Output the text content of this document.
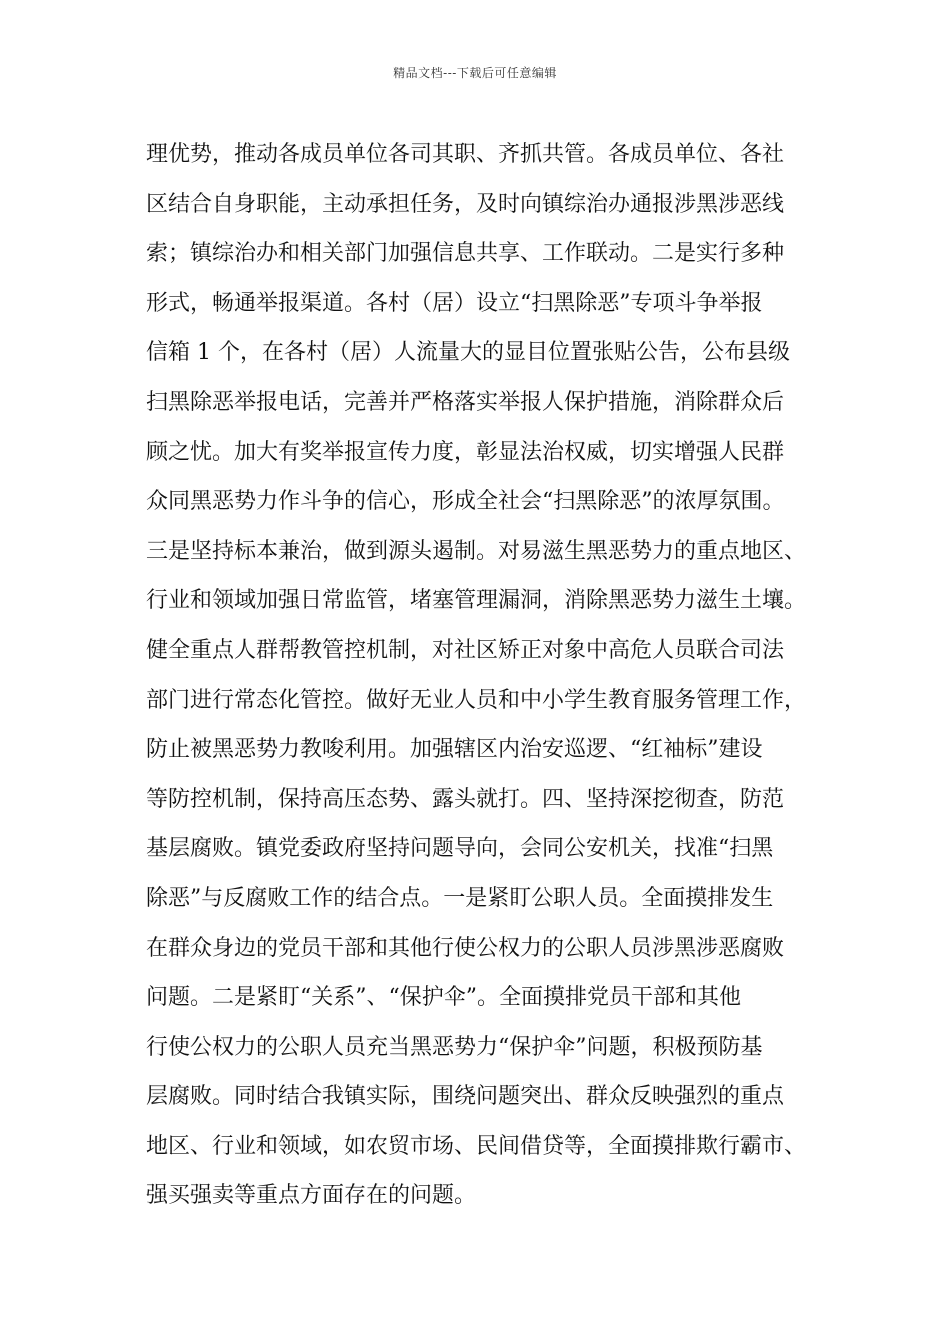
精品文档---下载后可任意编辑
理优势，推动各成员单位各司其职、齐抓共管。各成员单位、各社
区结合自身职能，主动承担任务，及时向镇综治办通报涉黑涉恶线
索；镇综治办和相关部门加强信息共享、工作联动。二是实行多种
形式，畅通举报渠道。各村（居）设立“扫黑除恶”专项斗争举报
信箱 1 个，在各村（居）人流量大的显目位置张贴公告，公布县级
扫黑除恶举报电话，完善并严格落实举报人保护措施，消除群众后
顾之忧。加大有奖举报宣传力度，彰显法治权威，切实增强人民群
众同黑恶势力作斗争的信心，形成全社会“扫黑除恶”的浓厚氛围。
三是坚持标本兼治，做到源头遏制。对易滋生黑恶势力的重点地区、
行业和领域加强日常监管，堵塞管理漏洞，消除黑恶势力滋生土壤。
健全重点人群帮教管控机制，对社区矫正对象中高危人员联合司法
部门进行常态化管控。做好无业人员和中小学生教育服务管理工作，
防止被黑恶势力教唆利用。加强辖区内治安巡逻、“红袖标”建设
等防控机制，保持高压态势、露头就打。四、坚持深挖彻查，防范
基层腐败。镇党委政府坚持问题导向，会同公安机关，找准“扫黑
除恶”与反腐败工作的结合点。一是紧盯公职人员。全面摸排发生
在群众身边的党员干部和其他行使公权力的公职人员涉黑涉恶腐败
问题。二是紧盯“关系”、“保护伞”。全面摸排党员干部和其他
行使公权力的公职人员充当黑恶势力“保护伞”问题，积极预防基
层腐败。同时结合我镇实际，围绕问题突出、群众反映强烈的重点
地区、行业和领域，如农贸市场、民间借贷等，全面摸排欺行霸市、
强买强卖等重点方面存在的问题。
